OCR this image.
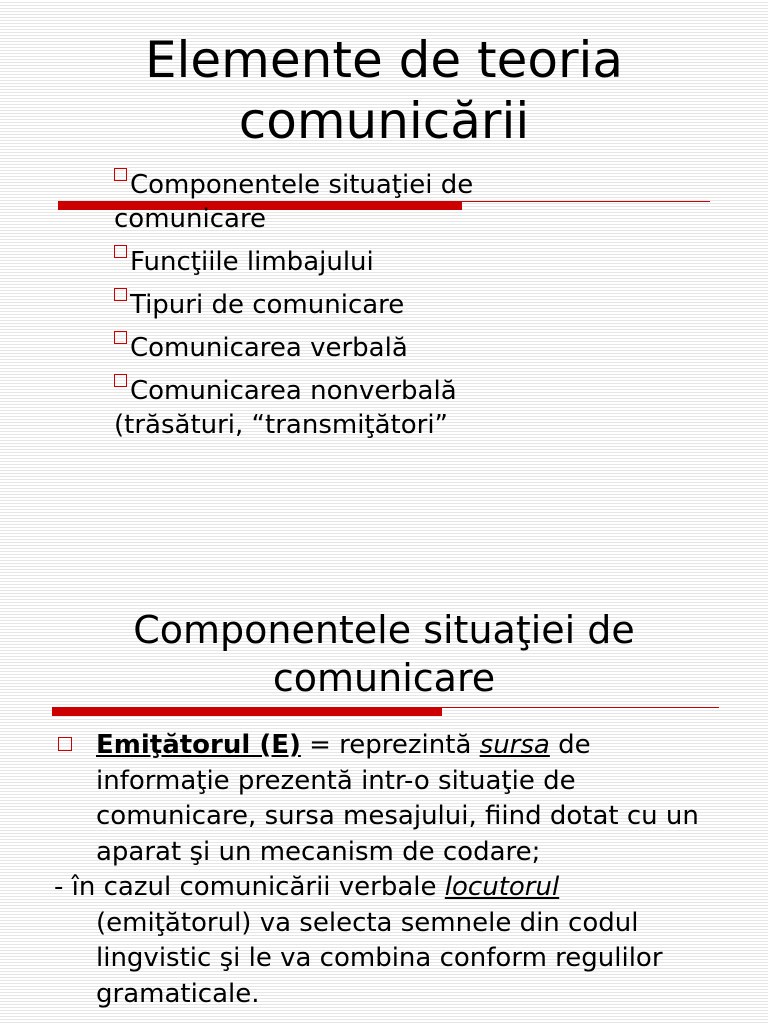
Elemente de teoria
comunicării
Componentele situaţiei de
comunicare
Funcţiile limbajului
Tipuri de comunicare
Comunicarea verbală
Comunicarea nonverbală
(trăsături, “transmiţători”
Componentele situaţiei de
comunicare

Emiţătorul (E) = reprezintă sursa de informaţie prezentă intr-o situaţie de comunicare, sursa mesajului, fiind dotat cu un aparat şi un mecanism de codare;

- în cazul comunicării verbale locutorul (emiţătorul) va selecta semnele din codul lingvistic şi le va combina conform regulilor gramaticale.
